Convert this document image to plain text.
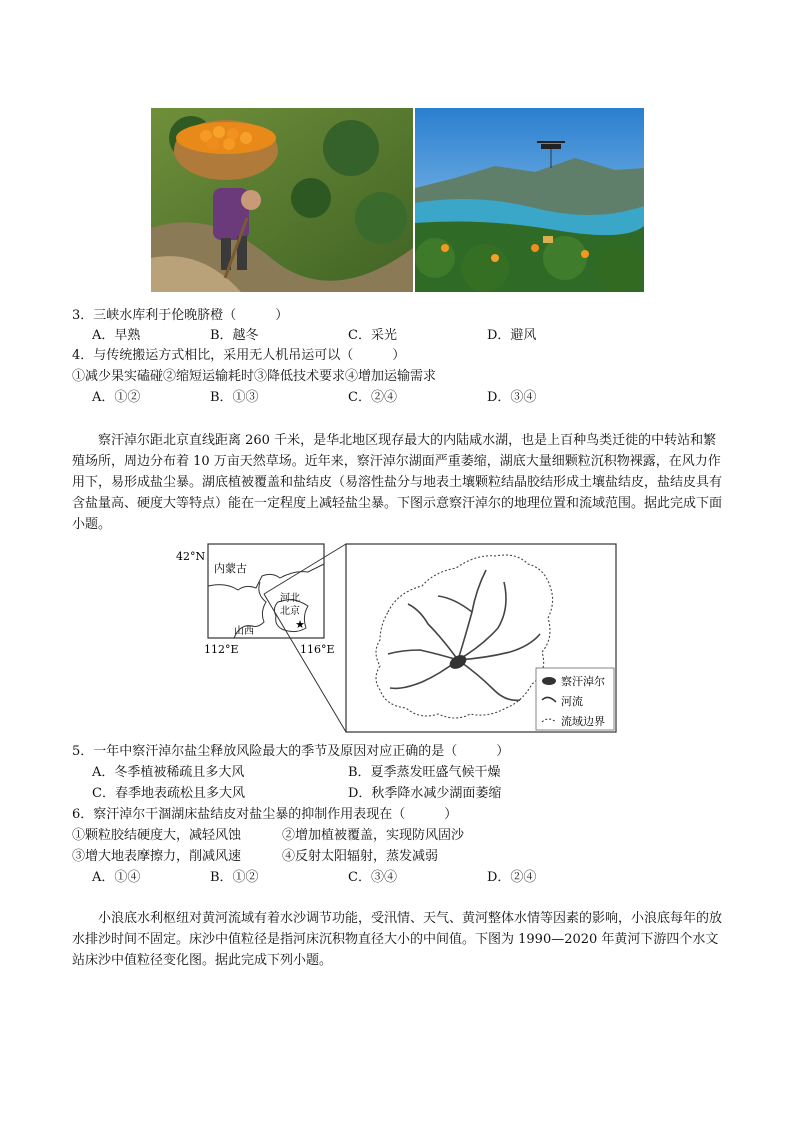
3．三峡水库利于伦晚脐橙（　　　）
A．早熟	B．越冬	C．采光	D．避风
4．与传统搬运方式相比，采用无人机吊运可以（　　　）
①减少果实磕碰②缩短运输耗时③降低技术要求④增加运输需求
A．①②	B．①③	C．②④	D．③④
察汗淖尔距北京直线距离 260 千米，是华北地区现存最大的内陆咸水湖，也是上百种鸟类迁徙的中转站和繁殖场所，周边分布着 10 万亩天然草场。近年来，察汗淖尔湖面严重萎缩，湖底大量细颗粒沉积物裸露，在风力作用下，易形成盐尘暴。湖底植被覆盖和盐结皮（易溶性盐分与地表土壤颗粒结晶胶结形成土壤盐结皮，盐结皮具有含盐量高、硬度大等特点）能在一定程度上减轻盐尘暴。下图示意察汗淖尔的地理位置和流域范围。据此完成下面小题。
42°N
内蒙古
河北
北京
★
山西
112°E	116°E
察汗淖尔
河流
流域边界
5．一年中察汗淖尔盐尘释放风险最大的季节及原因对应正确的是（　　　）
A．冬季植被稀疏且多大风	B．夏季蒸发旺盛气候干燥
C．春季地表疏松且多大风	D．秋季降水减少湖面萎缩
6．察汗淖尔干涸湖床盐结皮对盐尘暴的抑制作用表现在（　　　）
①颗粒胶结硬度大，减轻风蚀	②增加植被覆盖，实现防风固沙
③增大地表摩擦力，削减风速	④反射太阳辐射，蒸发减弱
A．①④	B．①②	C．③④	D．②④
小浪底水利枢纽对黄河流域有着水沙调节功能，受汛情、天气、黄河整体水情等因素的影响，小浪底每年的放水排沙时间不固定。床沙中值粒径是指河床沉积物直径大小的中间值。下图为 1990—2020 年黄河下游四个水文站床沙中值粒径变化图。据此完成下列小题。
